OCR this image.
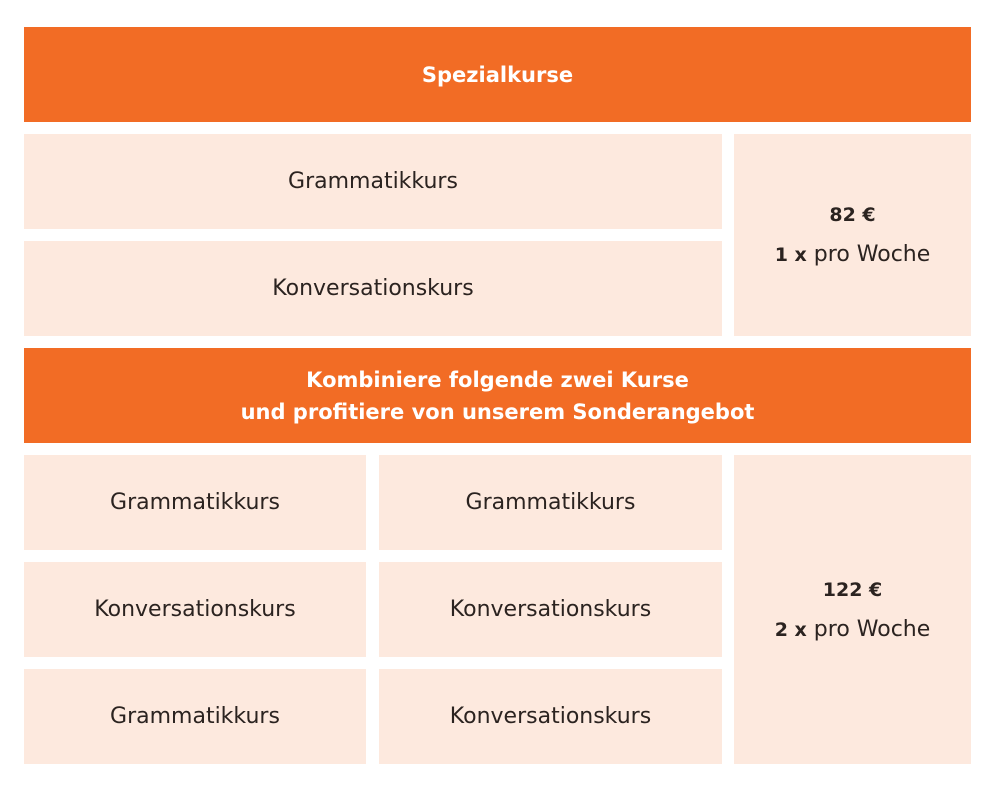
Spezialkurse
Grammatikkurs
Konversationskurs
82 €
1 x pro Woche
Kombiniere folgende zwei Kurse
und profitiere von unserem Sonderangebot
Grammatikkurs	Grammatikkurs
Konversationskurs	Konversationskurs
Grammatikkurs	Konversationskurs
122 €
2 x pro Woche
